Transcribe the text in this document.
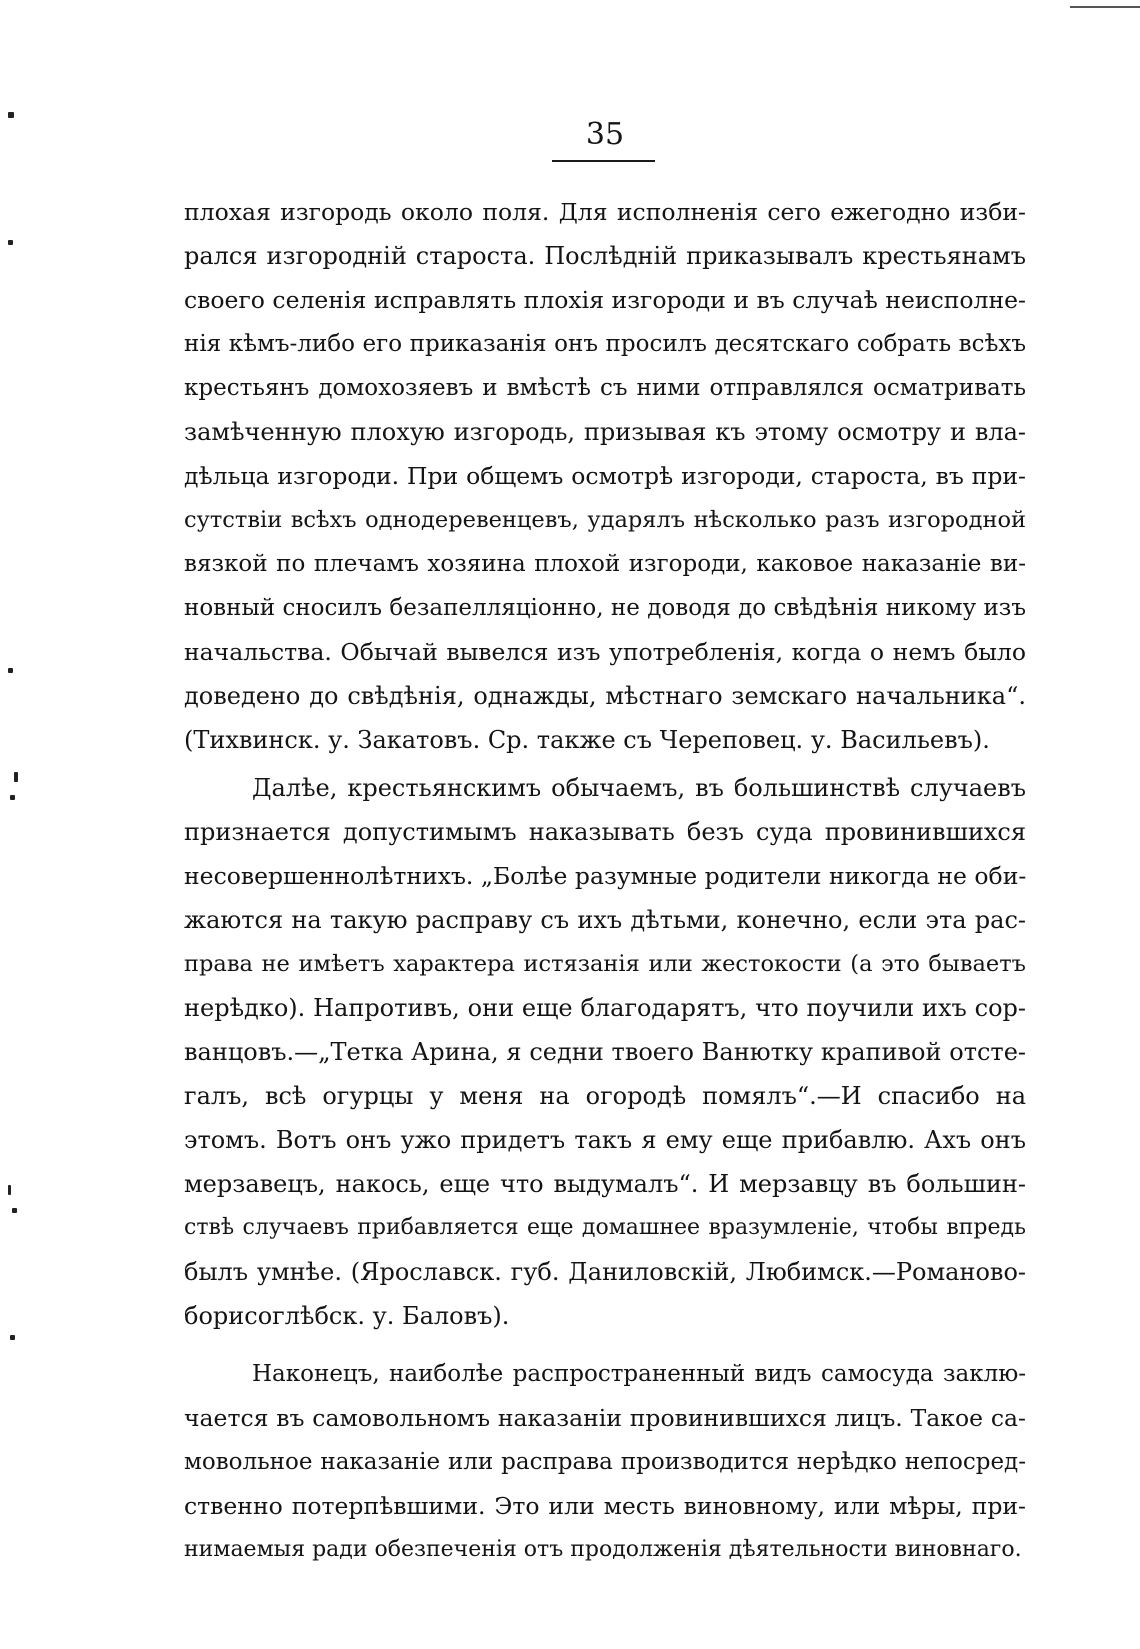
35
плохая изгородь около поля. Для исполненія сего ежегодно изби-
рался изгородній староста. Послѣдній приказывалъ крестьянамъ
своего селенія исправлять плохія изгороди и въ случаѣ неисполне-
нія кѣмъ-либо его приказанія онъ просилъ десятскаго собрать всѣхъ
крестьянъ домохозяевъ и вмѣстѣ съ ними отправлялся осматривать
замѣченную плохую изгородь, призывая къ этому осмотру и вла-
дѣльца изгороди. При общемъ осмотрѣ изгороди, староста, въ при-
сутствіи всѣхъ однодеревенцевъ, ударялъ нѣсколько разъ изгородной
вязкой по плечамъ хозяина плохой изгороди, каковое наказаніе ви-
новный сносилъ безапелляціонно, не доводя до свѣдѣнія никому изъ
начальства. Обычай вывелся изъ употребленія, когда о немъ было
доведено до свѣдѣнія, однажды, мѣстнаго земскаго начальника“.
(Тихвинск. у. Закатовъ. Ср. также съ Череповец. у. Васильевъ).
Далѣе, крестьянскимъ обычаемъ, въ большинствѣ случаевъ
признается допустимымъ наказывать безъ суда провинившихся
несовершеннолѣтнихъ. „Болѣе разумные родители никогда не оби-
жаются на такую расправу съ ихъ дѣтьми, конечно, если эта рас-
права не имѣетъ характера истязанія или жестокости (а это бываетъ
нерѣдко). Напротивъ, они еще благодарятъ, что поучили ихъ сор-
ванцовъ.—„Тетка Арина, я седни твоего Ванютку крапивой отсте-
галъ, всѣ огурцы у меня на огородѣ помялъ“.—И спасибо на
этомъ. Вотъ онъ ужо придетъ такъ я ему еще прибавлю. Ахъ онъ
мерзавецъ, накось, еще что выдумалъ“. И мерзавцу въ большин-
ствѣ случаевъ прибавляется еще домашнее вразумленіе, чтобы впредь
былъ умнѣе. (Ярославск. губ. Даниловскій, Любимск.—Романово-
борисоглѣбск. у. Баловъ).
Наконецъ, наиболѣе распространенный видъ самосуда заклю-
чается въ самовольномъ наказаніи провинившихся лицъ. Такое са-
мовольное наказаніе или расправа производится нерѣдко непосред-
ственно потерпѣвшими. Это или месть виновному, или мѣры, при-
нимаемыя ради обезпеченія отъ продолженія дѣятельности виновнаго.
